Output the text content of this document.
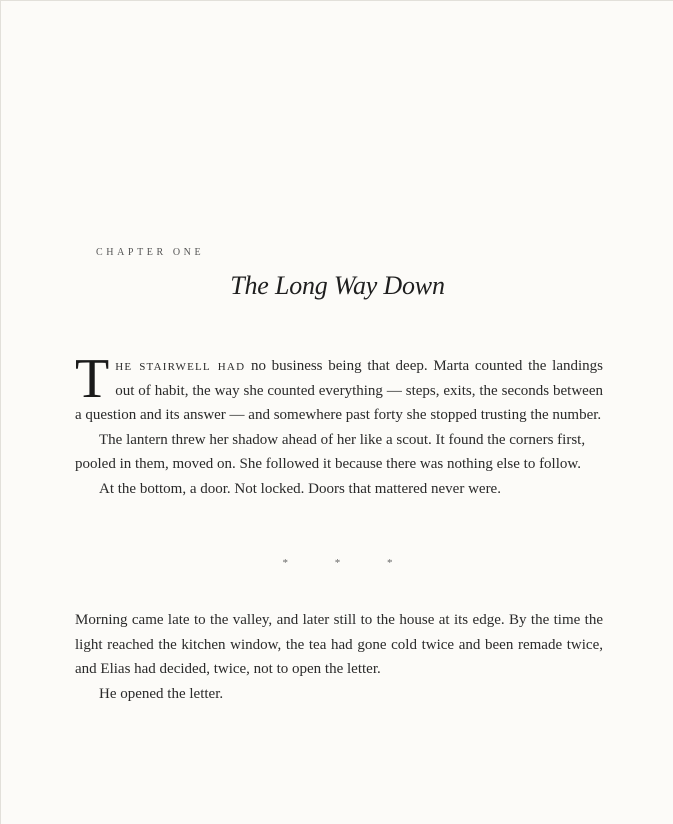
CHAPTER ONE
The Long Way Down

The stairwell had no business being that deep. Marta counted the landings out of habit, the way she counted everything — steps, exits, the seconds between a question and its answer — and somewhere past forty she stopped trusting the number.

The lantern threw her shadow ahead of her like a scout. It found the corners first, pooled in them, moved on. She followed it because there was nothing else to follow.

At the bottom, a door. Not locked. Doors that mattered never were.

* * *

Morning came late to the valley, and later still to the house at its edge. By the time the light reached the kitchen window, the tea had gone cold twice and been remade twice, and Elias had decided, twice, not to open the letter.

He opened the letter.
